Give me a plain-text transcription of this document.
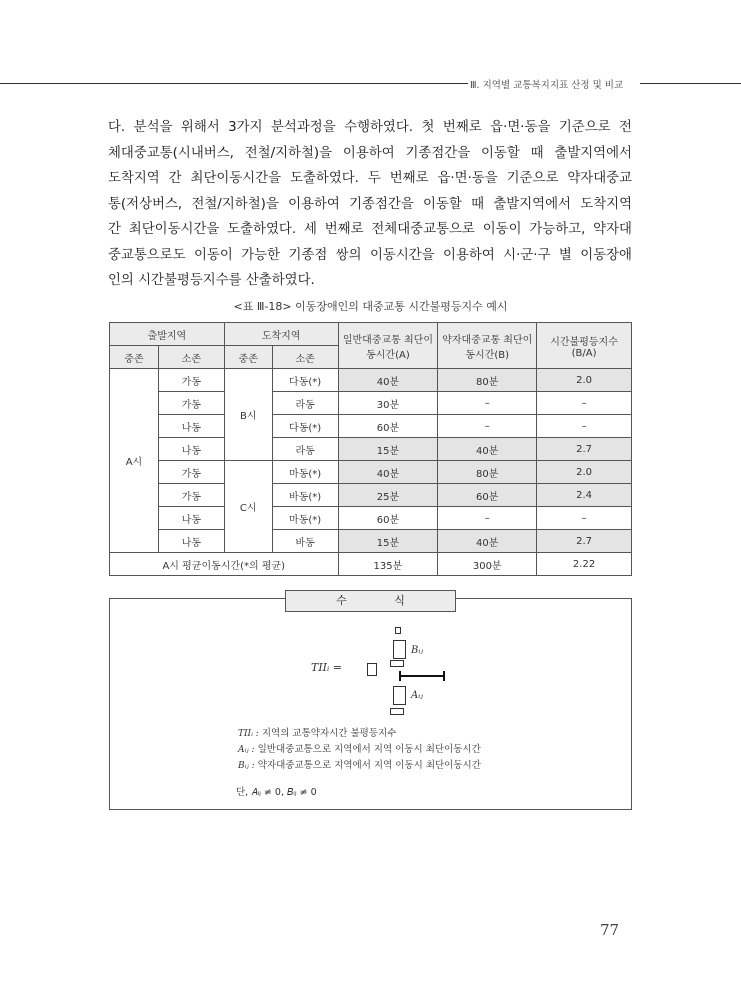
Ⅲ. 지역별 교통복지지표 산정 및 비교
다. 분석을 위해서 3가지 분석과정을 수행하였다. 첫 번째로 읍·면·동을 기준으로 전
체대중교통(시내버스, 전철/지하철)을 이용하여 기종점간을 이동할 때 출발지역에서
도착지역 간 최단이동시간을 도출하였다. 두 번째로 읍·면·동을 기준으로 약자대중교
통(저상버스, 전철/지하철)을 이용하여 기종점간을 이동할 때 출발지역에서 도착지역
간 최단이동시간을 도출하였다. 세 번째로 전체대중교통으로 이동이 가능하고, 약자대
중교통으로도 이동이 가능한 기종점 쌍의 이동시간을 이용하여 시·군·구 별 이동장애
인의 시간불평등지수를 산출하였다.
<표 Ⅲ-18> 이동장애인의 대중교통 시간불평등지수 예시
출발지역		도착지역		일반대중교통 최단이동시간(A)	약자대중교통 최단이동시간(B)	시간불평등지수 (B/A)
중존	소존	중존	소존			
A시	가동	B시	다동(*)	40분	80분	2.0
	가동		라동	30분	–	–
	나동		다동(*)	60분	–	–
	나동		라동	15분	40분	2.7
	가동	C시	마동(*)	40분	80분	2.0
	가동		바동(*)	25분	60분	2.4
	나동		마동(*)	60분	–	–
	나동		바동	15분	40분	2.7
A시 평균이동시간(*의 평균)				135분	300분	2.22
수 식
𝑇𝐼𝐼ᵢ =
𝐵ᵢⱼ
𝐴ᵢⱼ
𝑇𝐼𝐼ᵢ : 지역의 교통약자시간 불평등지수
𝐴ᵢⱼ : 일반대중교통으로 지역에서 지역 이동시 최단이동시간
𝐵ᵢⱼ : 약자대중교통으로 지역에서 지역 이동시 최단이동시간
단, 𝐴ᵢⱼ ≠ 0, 𝐵ᵢⱼ ≠ 0
77
